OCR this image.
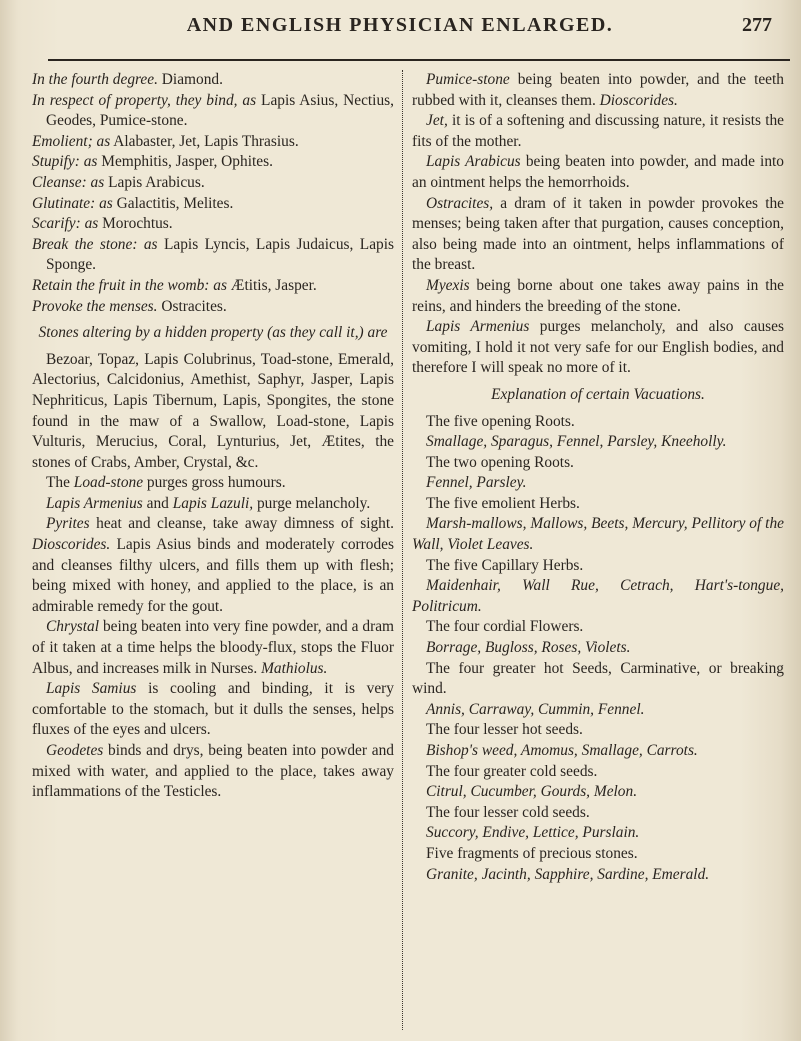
AND ENGLISH PHYSICIAN ENLARGED.	277

In the fourth degree. Diamond.

In respect of property, they bind, as Lapis Asius, Nectius, Geodes, Pumice-stone.

Emolient; as Alabaster, Jet, Lapis Thrasius.

Stupify: as Memphitis, Jasper, Ophites.

Cleanse: as Lapis Arabicus.

Glutinate: as Galactitis, Melites.

Scarify: as Morochtus.

Break the stone: as Lapis Lyncis, Lapis Judaicus, Lapis Sponge.

Retain the fruit in the womb: as Ætitis, Jasper.

Provoke the menses. Ostracites.

Stones altering by a hidden property (as they call it,) are

Bezoar, Topaz, Lapis Colubrinus, Toad-stone, Emerald, Alectorius, Calcidonius, Amethist, Saphyr, Jasper, Lapis Nephriticus, Lapis Tibernum, Lapis, Spongites, the stone found in the maw of a Swallow, Load-stone, Lapis Vulturis, Merucius, Coral, Lynturius, Jet, Ætites, the stones of Crabs, Amber, Crystal, &c.

The Load-stone purges gross humours.

Lapis Armenius and Lapis Lazuli, purge melancholy.

Pyrites heat and cleanse, take away dimness of sight. Dioscorides. Lapis Asius binds and moderately corrodes and cleanses filthy ulcers, and fills them up with flesh; being mixed with honey, and applied to the place, is an admirable remedy for the gout.

Chrystal being beaten into very fine powder, and a dram of it taken at a time helps the bloody-flux, stops the Fluor Albus, and increases milk in Nurses. Mathiolus.

Lapis Samius is cooling and binding, it is very comfortable to the stomach, but it dulls the senses, helps fluxes of the eyes and ulcers.

Geodetes binds and drys, being beaten into powder and mixed with water, and applied to the place, takes away inflammations of the Testicles.

Pumice-stone being beaten into powder, and the teeth rubbed with it, cleanses them. Dioscorides.

Jet, it is of a softening and discussing nature, it resists the fits of the mother.

Lapis Arabicus being beaten into powder, and made into an ointment helps the hemorrhoids.

Ostracites, a dram of it taken in powder provokes the menses; being taken after that purgation, causes conception, also being made into an ointment, helps inflammations of the breast.

Myexis being borne about one takes away pains in the reins, and hinders the breeding of the stone.

Lapis Armenius purges melancholy, and also causes vomiting, I hold it not very safe for our English bodies, and therefore I will speak no more of it.

Explanation of certain Vacuations.

The five opening Roots.

Smallage, Sparagus, Fennel, Parsley, Kneeholly.

The two opening Roots.

Fennel, Parsley.

The five emolient Herbs.

Marsh-mallows, Mallows, Beets, Mercury, Pellitory of the Wall, Violet Leaves.

The five Capillary Herbs.

Maidenhair, Wall Rue, Cetrach, Hart's-tongue, Politricum.

The four cordial Flowers.

Borrage, Bugloss, Roses, Violets.

The four greater hot Seeds, Carminative, or breaking wind.

Annis, Carraway, Cummin, Fennel.

The four lesser hot seeds.

Bishop's weed, Amomus, Smallage, Carrots.

The four greater cold seeds.

Citrul, Cucumber, Gourds, Melon.

The four lesser cold seeds.

Succory, Endive, Lettice, Purslain.

Five fragments of precious stones.

Granite, Jacinth, Sapphire, Sardine, Emerald.
